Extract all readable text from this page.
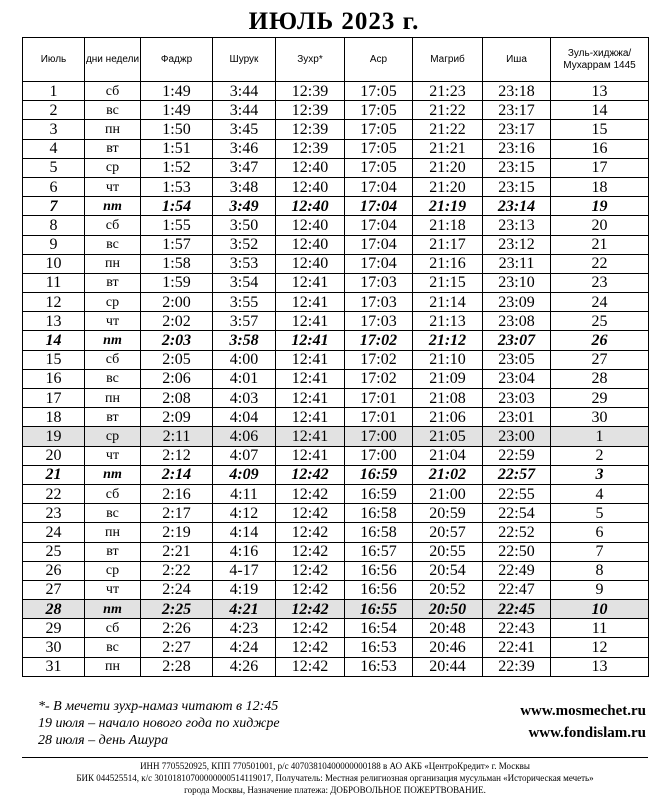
ИЮЛЬ 2023 г.
Июль	дни недели	Фаджр	Шурук	Зухр*	Аср	Магриб	Иша	Зуль-хиджжа/ Мухаррам 1445
1	сб	1:49	3:44	12:39	17:05	21:23	23:18	13
2	вс	1:49	3:44	12:39	17:05	21:22	23:17	14
3	пн	1:50	3:45	12:39	17:05	21:22	23:17	15
4	вт	1:51	3:46	12:39	17:05	21:21	23:16	16
5	ср	1:52	3:47	12:40	17:05	21:20	23:15	17
6	чт	1:53	3:48	12:40	17:04	21:20	23:15	18
7	пт	1:54	3:49	12:40	17:04	21:19	23:14	19
8	сб	1:55	3:50	12:40	17:04	21:18	23:13	20
9	вс	1:57	3:52	12:40	17:04	21:17	23:12	21
10	пн	1:58	3:53	12:40	17:04	21:16	23:11	22
11	вт	1:59	3:54	12:41	17:03	21:15	23:10	23
12	ср	2:00	3:55	12:41	17:03	21:14	23:09	24
13	чт	2:02	3:57	12:41	17:03	21:13	23:08	25
14	пт	2:03	3:58	12:41	17:02	21:12	23:07	26
15	сб	2:05	4:00	12:41	17:02	21:10	23:05	27
16	вс	2:06	4:01	12:41	17:02	21:09	23:04	28
17	пн	2:08	4:03	12:41	17:01	21:08	23:03	29
18	вт	2:09	4:04	12:41	17:01	21:06	23:01	30
19	ср	2:11	4:06	12:41	17:00	21:05	23:00	1
20	чт	2:12	4:07	12:41	17:00	21:04	22:59	2
21	пт	2:14	4:09	12:42	16:59	21:02	22:57	3
22	сб	2:16	4:11	12:42	16:59	21:00	22:55	4
23	вс	2:17	4:12	12:42	16:58	20:59	22:54	5
24	пн	2:19	4:14	12:42	16:58	20:57	22:52	6
25	вт	2:21	4:16	12:42	16:57	20:55	22:50	7
26	ср	2:22	4-17	12:42	16:56	20:54	22:49	8
27	чт	2:24	4:19	12:42	16:56	20:52	22:47	9
28	пт	2:25	4:21	12:42	16:55	20:50	22:45	10
29	сб	2:26	4:23	12:42	16:54	20:48	22:43	11
30	вс	2:27	4:24	12:42	16:53	20:46	22:41	12
31	пн	2:28	4:26	12:42	16:53	20:44	22:39	13
*- В мечети зухр-намаз читают в 12:45
19 июля – начало нового года по хиджре
28 июля – день Ашура
www.mosmechet.ru
www.fondislam.ru
ИНН 7705520925, КПП 770501001, р/с 40703810400000000188 в АО АКБ «ЦентроКредит» г. Москвы
БИК 044525514, к/с 30101810700000000514119017, Получатель: Местная религиозная организация мусульман «Историческая мечеть»
города Москвы, Назначение платежа: ДОБРОВОЛЬНОЕ ПОЖЕРТВОВАНИЕ.
